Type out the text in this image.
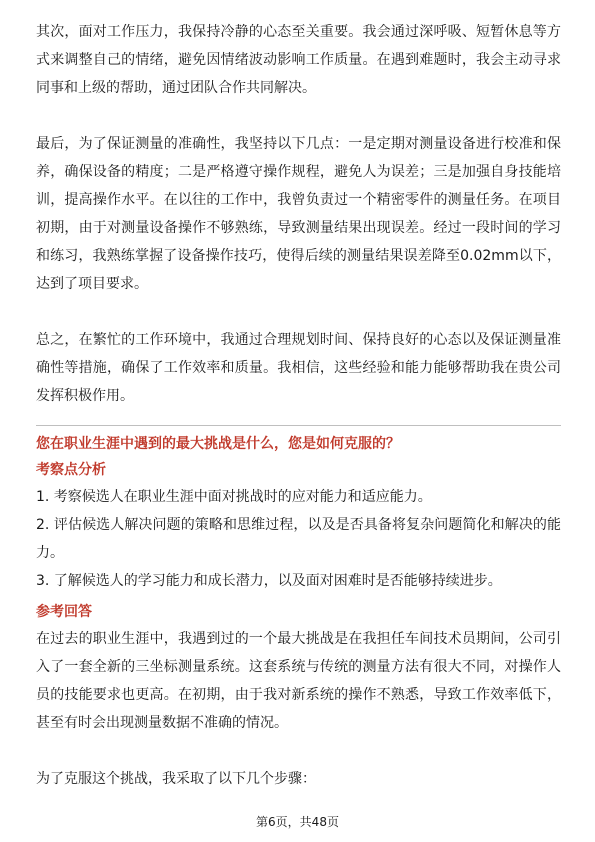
其次，面对工作压力，我保持冷静的心态至关重要。我会通过深呼吸、短暂休息等方式来调整自己的情绪，避免因情绪波动影响工作质量。在遇到难题时，我会主动寻求同事和上级的帮助，通过团队合作共同解决。

最后，为了保证测量的准确性，我坚持以下几点：一是定期对测量设备进行校准和保养，确保设备的精度；二是严格遵守操作规程，避免人为误差；三是加强自身技能培训，提高操作水平。在以往的工作中，我曾负责过一个精密零件的测量任务。在项目初期，由于对测量设备操作不够熟练，导致测量结果出现误差。经过一段时间的学习和练习，我熟练掌握了设备操作技巧，使得后续的测量结果误差降至0.02mm以下，达到了项目要求。

总之，在繁忙的工作环境中，我通过合理规划时间、保持良好的心态以及保证测量准确性等措施，确保了工作效率和质量。我相信，这些经验和能力能够帮助我在贵公司发挥积极作用。

您在职业生涯中遇到的最大挑战是什么，您是如何克服的？

考察点分析

1. 考察候选人在职业生涯中面对挑战时的应对能力和适应能力。

2. 评估候选人解决问题的策略和思维过程，以及是否具备将复杂问题简化和解决的能力。

3. 了解候选人的学习能力和成长潜力，以及面对困难时是否能够持续进步。

参考回答

在过去的职业生涯中，我遇到过的一个最大挑战是在我担任车间技术员期间，公司引入了一套全新的三坐标测量系统。这套系统与传统的测量方法有很大不同，对操作人员的技能要求也更高。在初期，由于我对新系统的操作不熟悉，导致工作效率低下，甚至有时会出现测量数据不准确的情况。

为了克服这个挑战，我采取了以下几个步骤：

第6页，共48页
